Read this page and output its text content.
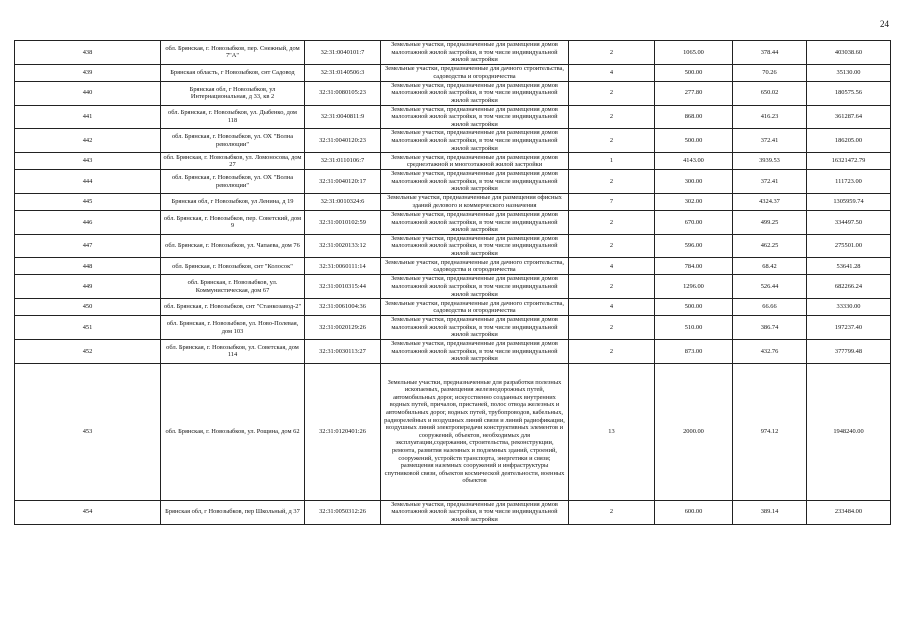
24
438	обл. Брянская, г. Новозыбков, пер. Снежный, дом 7"А"	32:31:0040101:7	Земельные участки, предназначенные для размещения домов малоэтажной жилой застройки, в том числе индивидуальной жилой застройки	2	1065.00	378.44	403038.60
439	Брянская область, г Новозыбков, снт Садовод	32:31:0140506:3	Земельные участки, предназначенные для дачного строительства, садоводства и огородничества	4	500.00	70.26	35130.00
440	Брянская обл, г Новозыбков, ул Интернациональная, д 33, кв 2	32:31:0080105:23	Земельные участки, предназначенные для размещения домов малоэтажной жилой застройки, в том числе индивидуальной жилой застройки	2	277.80	650.02	180575.56
441	обл. Брянская, г. Новозыбков, ул. Дыбенко, дом 118	32:31:0040811:9	Земельные участки, предназначенные для размещения домов малоэтажной жилой застройки, в том числе индивидуальной жилой застройки	2	868.00	416.23	361287.64
442	обл. Брянская, г. Новозыбков, ул. ОХ "Волна революции"	32:31:0040120:23	Земельные участки, предназначенные для размещения домов малоэтажной жилой застройки, в том числе индивидуальной жилой застройки	2	500.00	372.41	186205.00
443	обл. Брянская, г. Новозыбков, ул. Ломоносова, дом 27	32:31:0110106:7	Земельные участки, предназначенные для размещения домов среднеэтажной и многоэтажной жилой застройки	1	4143.00	3939.53	16321472.79
444	обл. Брянская, г. Новозыбков, ул. ОХ "Волна революции"	32:31:0040120:17	Земельные участки, предназначенные для размещения домов малоэтажной жилой застройки, в том числе индивидуальной жилой застройки	2	300.00	372.41	111723.00
445	Брянская обл, г Новозыбков, ул Ленина, д 19	32:31:0010324:6	Земельные участки, предназначенные для размещения офисных зданий делового и коммерческого назначения	7	302.00	4324.37	1305959.74
446	обл. Брянская, г. Новозыбков, пер. Советский, дом 9	32:31:0010102:59	Земельные участки, предназначенные для размещения домов малоэтажной жилой застройки, в том числе индивидуальной жилой застройки	2	670.00	499.25	334497.50
447	обл. Брянская, г. Новозыбков, ул. Чапаева, дом 76	32:31:0020133:12	Земельные участки, предназначенные для размещения домов малоэтажной жилой застройки, в том числе индивидуальной жилой застройки	2	596.00	462.25	275501.00
448	обл. Брянская, г. Новозыбков, снт "Колосок"	32:31:0060111:14	Земельные участки, предназначенные для дачного строительства, садоводства и огородничества	4	784.00	68.42	53641.28
449	обл. Брянская, г. Новозыбков, ул. Коммунистическая, дом 67	32:31:0010315:44	Земельные участки, предназначенные для размещения домов малоэтажной жилой застройки, в том числе индивидуальной жилой застройки	2	1296.00	526.44	682266.24
450	обл. Брянская, г. Новозыбков, снт "Станкозавод-2"	32:31:0061004:36	Земельные участки, предназначенные для дачного строительства, садоводства и огородничества	4	500.00	66.66	33330.00
451	обл. Брянская, г. Новозыбков, ул. Ново-Полевая, дом 103	32:31:0020129:26	Земельные участки, предназначенные для размещения домов малоэтажной жилой застройки, в том числе индивидуальной жилой застройки	2	510.00	386.74	197237.40
452	обл. Брянская, г. Новозыбков, ул. Советская, дом 114	32:31:0030113:27	Земельные участки, предназначенные для размещения домов малоэтажной жилой застройки, в том числе индивидуальной жилой застройки	2	873.00	432.76	377799.48
453	обл. Брянская, г. Новозыбков, ул. Рощина, дом 62	32:31:0120401:26	Земельные участки, предназначенные для разработки полезных ископаемых, размещения железнодорожных путей, автомобильных дорог, искусственно созданных внутренних водных путей, причалов, пристаней, полос отвода железных и автомобильных дорог, водных путей, трубопроводов, кабельных, радиорелейных и воздушных линий связи и линий радиофикации, воздушных линий электропередачи конструктивных элементов и сооружений, объектов, необходимых для эксплуатации,содержания, строительства, реконструкции, ремонта, развития наземных и подземных зданий, строений, сооружений, устройств транспорта, энергетики и связи; размещения наземных сооружений и инфраструктуры спутниковой связи, объектов космической деятельности, военных объектов	13	2000.00	974.12	1948240.00
454	Брянская обл, г Новозыбков, пер Школьный, д 37	32:31:0050312:26	Земельные участки, предназначенные для размещения домов малоэтажной жилой застройки, в том числе индивидуальной жилой застройки	2	600.00	389.14	233484.00
